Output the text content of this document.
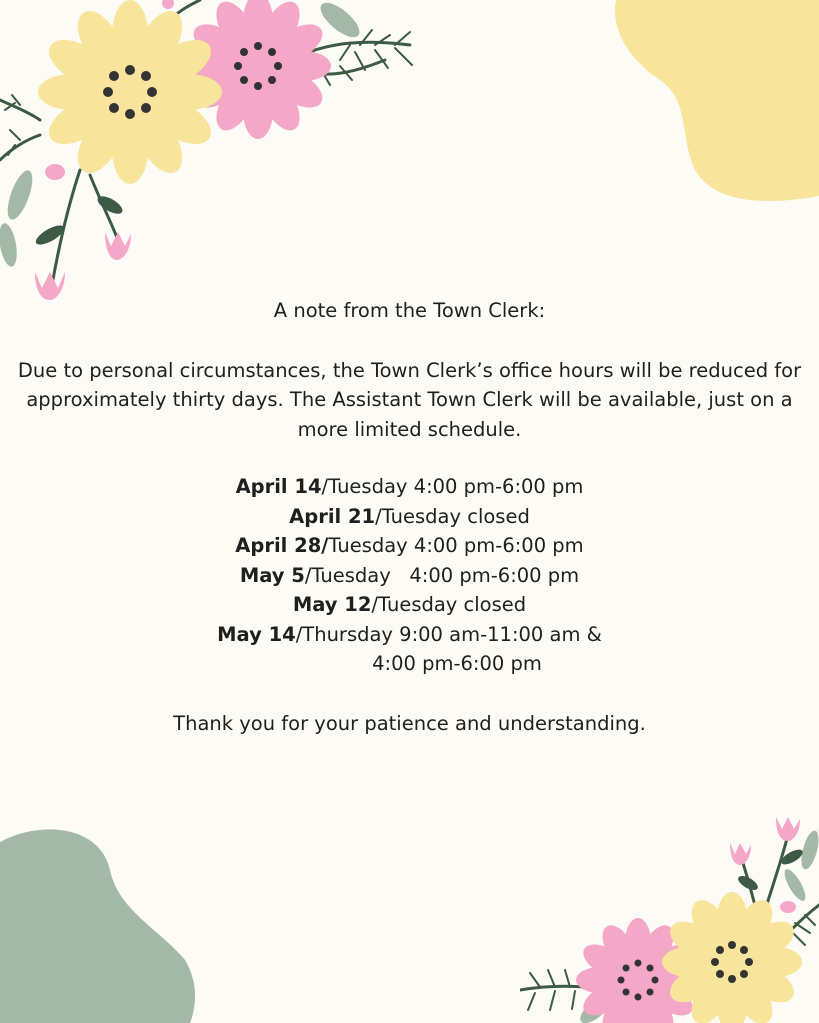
A note from the Town Clerk:

Due to personal circumstances, the Town Clerk’s office hours will be reduced for approximately thirty days. The Assistant Town Clerk will be available, just on a more limited schedule.

April 14/Tuesday 4:00 pm-6:00 pm
April 21/Tuesday closed
April 28/Tuesday 4:00 pm-6:00 pm
May 5/Tuesday   4:00 pm-6:00 pm
May 12/Tuesday closed
May 14/Thursday 9:00 am-11:00 am &
4:00 pm-6:00 pm

Thank you for your patience and understanding.
